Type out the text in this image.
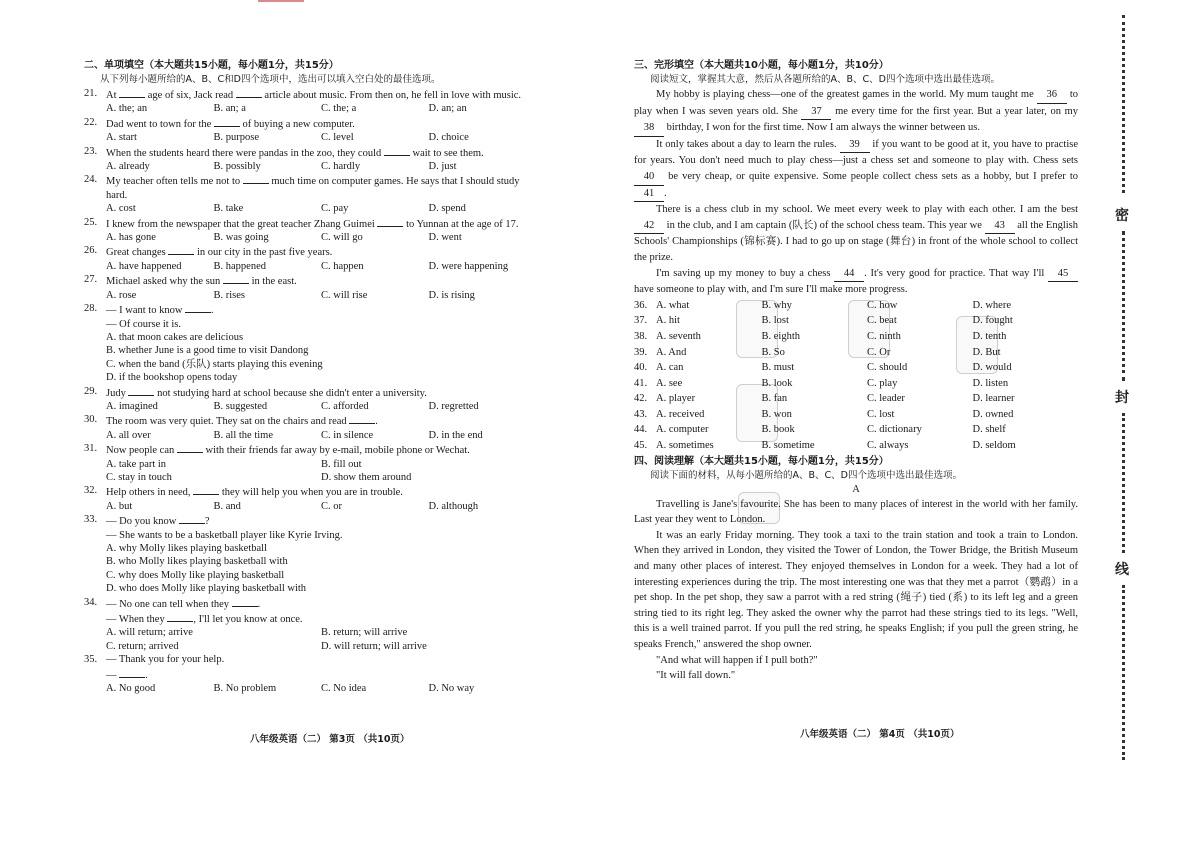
二、单项填空（本大题共15小题，每小题1分，共15分）
从下列每小题所给的A、B、C和D四个选项中，选出可以填入空白处的最佳选项。
21. At	age of six, Jack read	article about music. From then on, he fell in love with music.
A. the; an	B. an; a	C. the; a	D. an; an
22. Dad went to town for the	of buying a new computer.
A. start	B. purpose	C. level	D. choice
23. When the students heard there were pandas in the zoo, they could	wait to see them.
A. already	B. possibly	C. hardly	D. just
24. My teacher often tells me not to	much time on computer games. He says that I should study hard.
A. cost	B. take	C. pay	D. spend
25. I knew from the newspaper that the great teacher Zhang Guimei	to Yunnan at the age of 17.
A. has gone	B. was going	C. will go	D. went
26. Great changes	in our city in the past five years.
A. have happened	B. happened	C. happen	D. were happening
27. Michael asked why the sun	in the east.
A. rose	B. rises	C. will rise	D. is rising
28. — I want to know	.
— Of course it is.
A. that moon cakes are delicious
B. whether June is a good time to visit Dandong
C. when the band (乐队) starts playing this evening
D. if the bookshop opens today
29. Judy	not studying hard at school because she didn't enter a university.
A. imagined	B. suggested	C. afforded	D. regretted
30. The room was very quiet. They sat on the chairs and read	.
A. all over	B. all the time	C. in silence	D. in the end
31. Now people can	with their friends far away by e-mail, mobile phone or Wechat.
A. take part in	B. fill out
C. stay in touch	D. show them around
32. Help others in need,	they will help you when you are in trouble.
A. but	B. and	C. or	D. although
33. — Do you know	?
— She wants to be a basketball player like Kyrie Irving.
A. why Molly likes playing basketball
B. who Molly likes playing basketball with
C. why does Molly like playing basketball
D. who does Molly like playing basketball with
34. — No one can tell when they	.
— When they	, I'll let you know at once.
A. will return; arrive	B. return; will arrive
C. return; arrived	D. will return; will arrive
35. — Thank you for your help.
—	.
A. No good	B. No problem	C. No idea	D. No way
八年级英语（二） 第3页 （共10页）
三、完形填空（本大题共10小题，每小题1分，共10分）
阅读短文，掌握其大意，然后从各题所给的A、B、C、D四个选项中选出最佳选项。

My hobby is playing chess—one of the greatest games in the world. My mum taught me 36 to play when I was seven years old. She 37 me every time for the first year. But a year later, on my 38 birthday, I won for the first time. Now I am always the winner between us.

It only takes about a day to learn the rules. 39 if you want to be good at it, you have to practise for years. You don't need much to play chess—just a chess set and someone to play with. Chess sets 40 be very cheap, or quite expensive. Some people collect chess sets as a hobby, but I prefer to 41 .

There is a chess club in my school. We meet every week to play with each other. I am the best 42 in the club, and I am captain (队长) of the school chess team. This year we 43 all the English Schools' Championships (锦标赛). I had to go up on stage (舞台) in front of the whole school to collect the prize.

I'm saving up my money to buy a chess 44 . It's very good for practice. That way I'll 45 have someone to play with, and I'm sure I'll make more progress.

36. A. what	B. why	C. how	D. where
37. A. hit	B. lost	C. beat	D. fought
38. A. seventh	B. eighth	C. ninth	D. tenth
39. A. And	B. So	C. Or	D. But
40. A. can	B. must	C. should	D. would
41. A. see	B. look	C. play	D. listen
42. A. player	B. fan	C. leader	D. learner
43. A. received	B. won	C. lost	D. owned
44. A. computer	B. book	C. dictionary	D. shelf
45. A. sometimes	B. sometime	C. always	D. seldom
四、阅读理解（本大题共15小题，每小题1分，共15分）
阅读下面的材料，从每小题所给的A、B、C、D四个选项中选出最佳选项。
A

Travelling is Jane's favourite. She has been to many places of interest in the world with her family. Last year they went to London.

It was an early Friday morning. They took a taxi to the train station and took a train to London. When they arrived in London, they visited the Tower of London, the Tower Bridge, the British Museum and many other places of interest. They enjoyed themselves in London for a week. They had a lot of interesting experiences during the trip. The most interesting one was that they met a parrot（鹦鹉）in a pet shop. In the pet shop, they saw a parrot with a red string (绳子) tied (系) to its left leg and a green string tied to its right leg. They asked the owner why the parrot had these strings tied to its legs. "Well, this is a well trained parrot. If you pull the red string, he speaks English; if you pull the green string, he speaks French," answered the shop owner.

"And what will happen if I pull both?"
"It will fall down."
八年级英语（二） 第4页 （共10页）
密
封
线
